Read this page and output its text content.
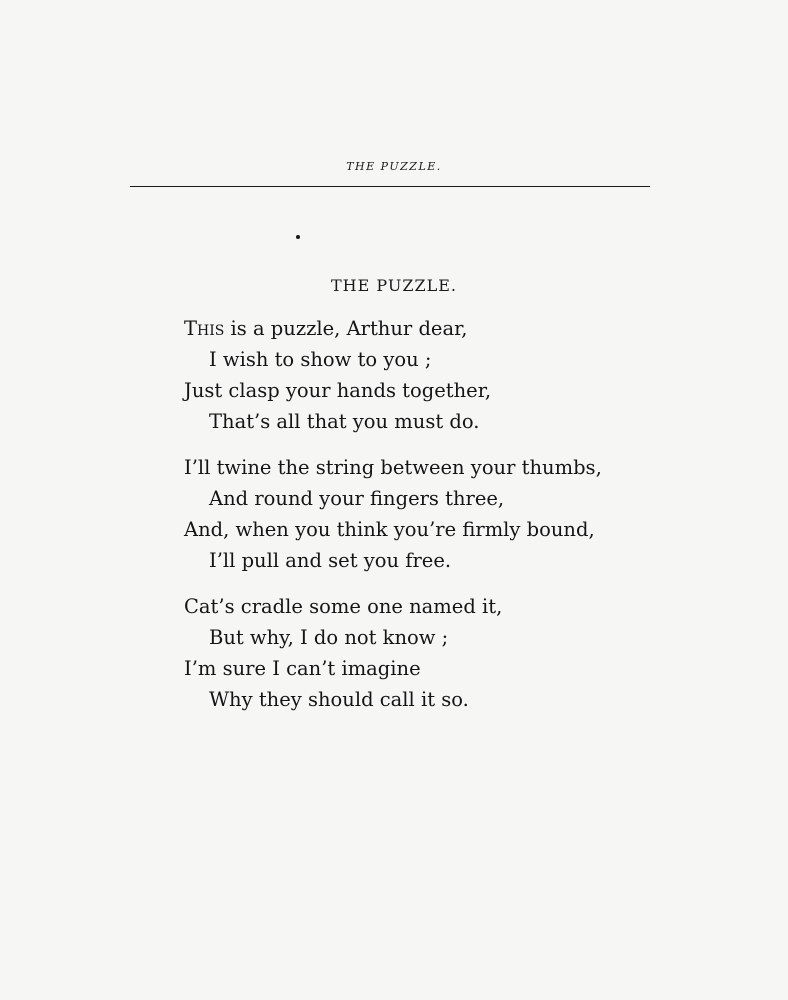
THE PUZZLE.
THE PUZZLE.
This is a puzzle, Arthur dear,
I wish to show to you ;
Just clasp your hands together,
That’s all that you must do.
I’ll twine the string between your thumbs,
And round your fingers three,
And, when you think you’re firmly bound,
I’ll pull and set you free.
Cat’s cradle some one named it,
But why, I do not know ;
I’m sure I can’t imagine
Why they should call it so.
